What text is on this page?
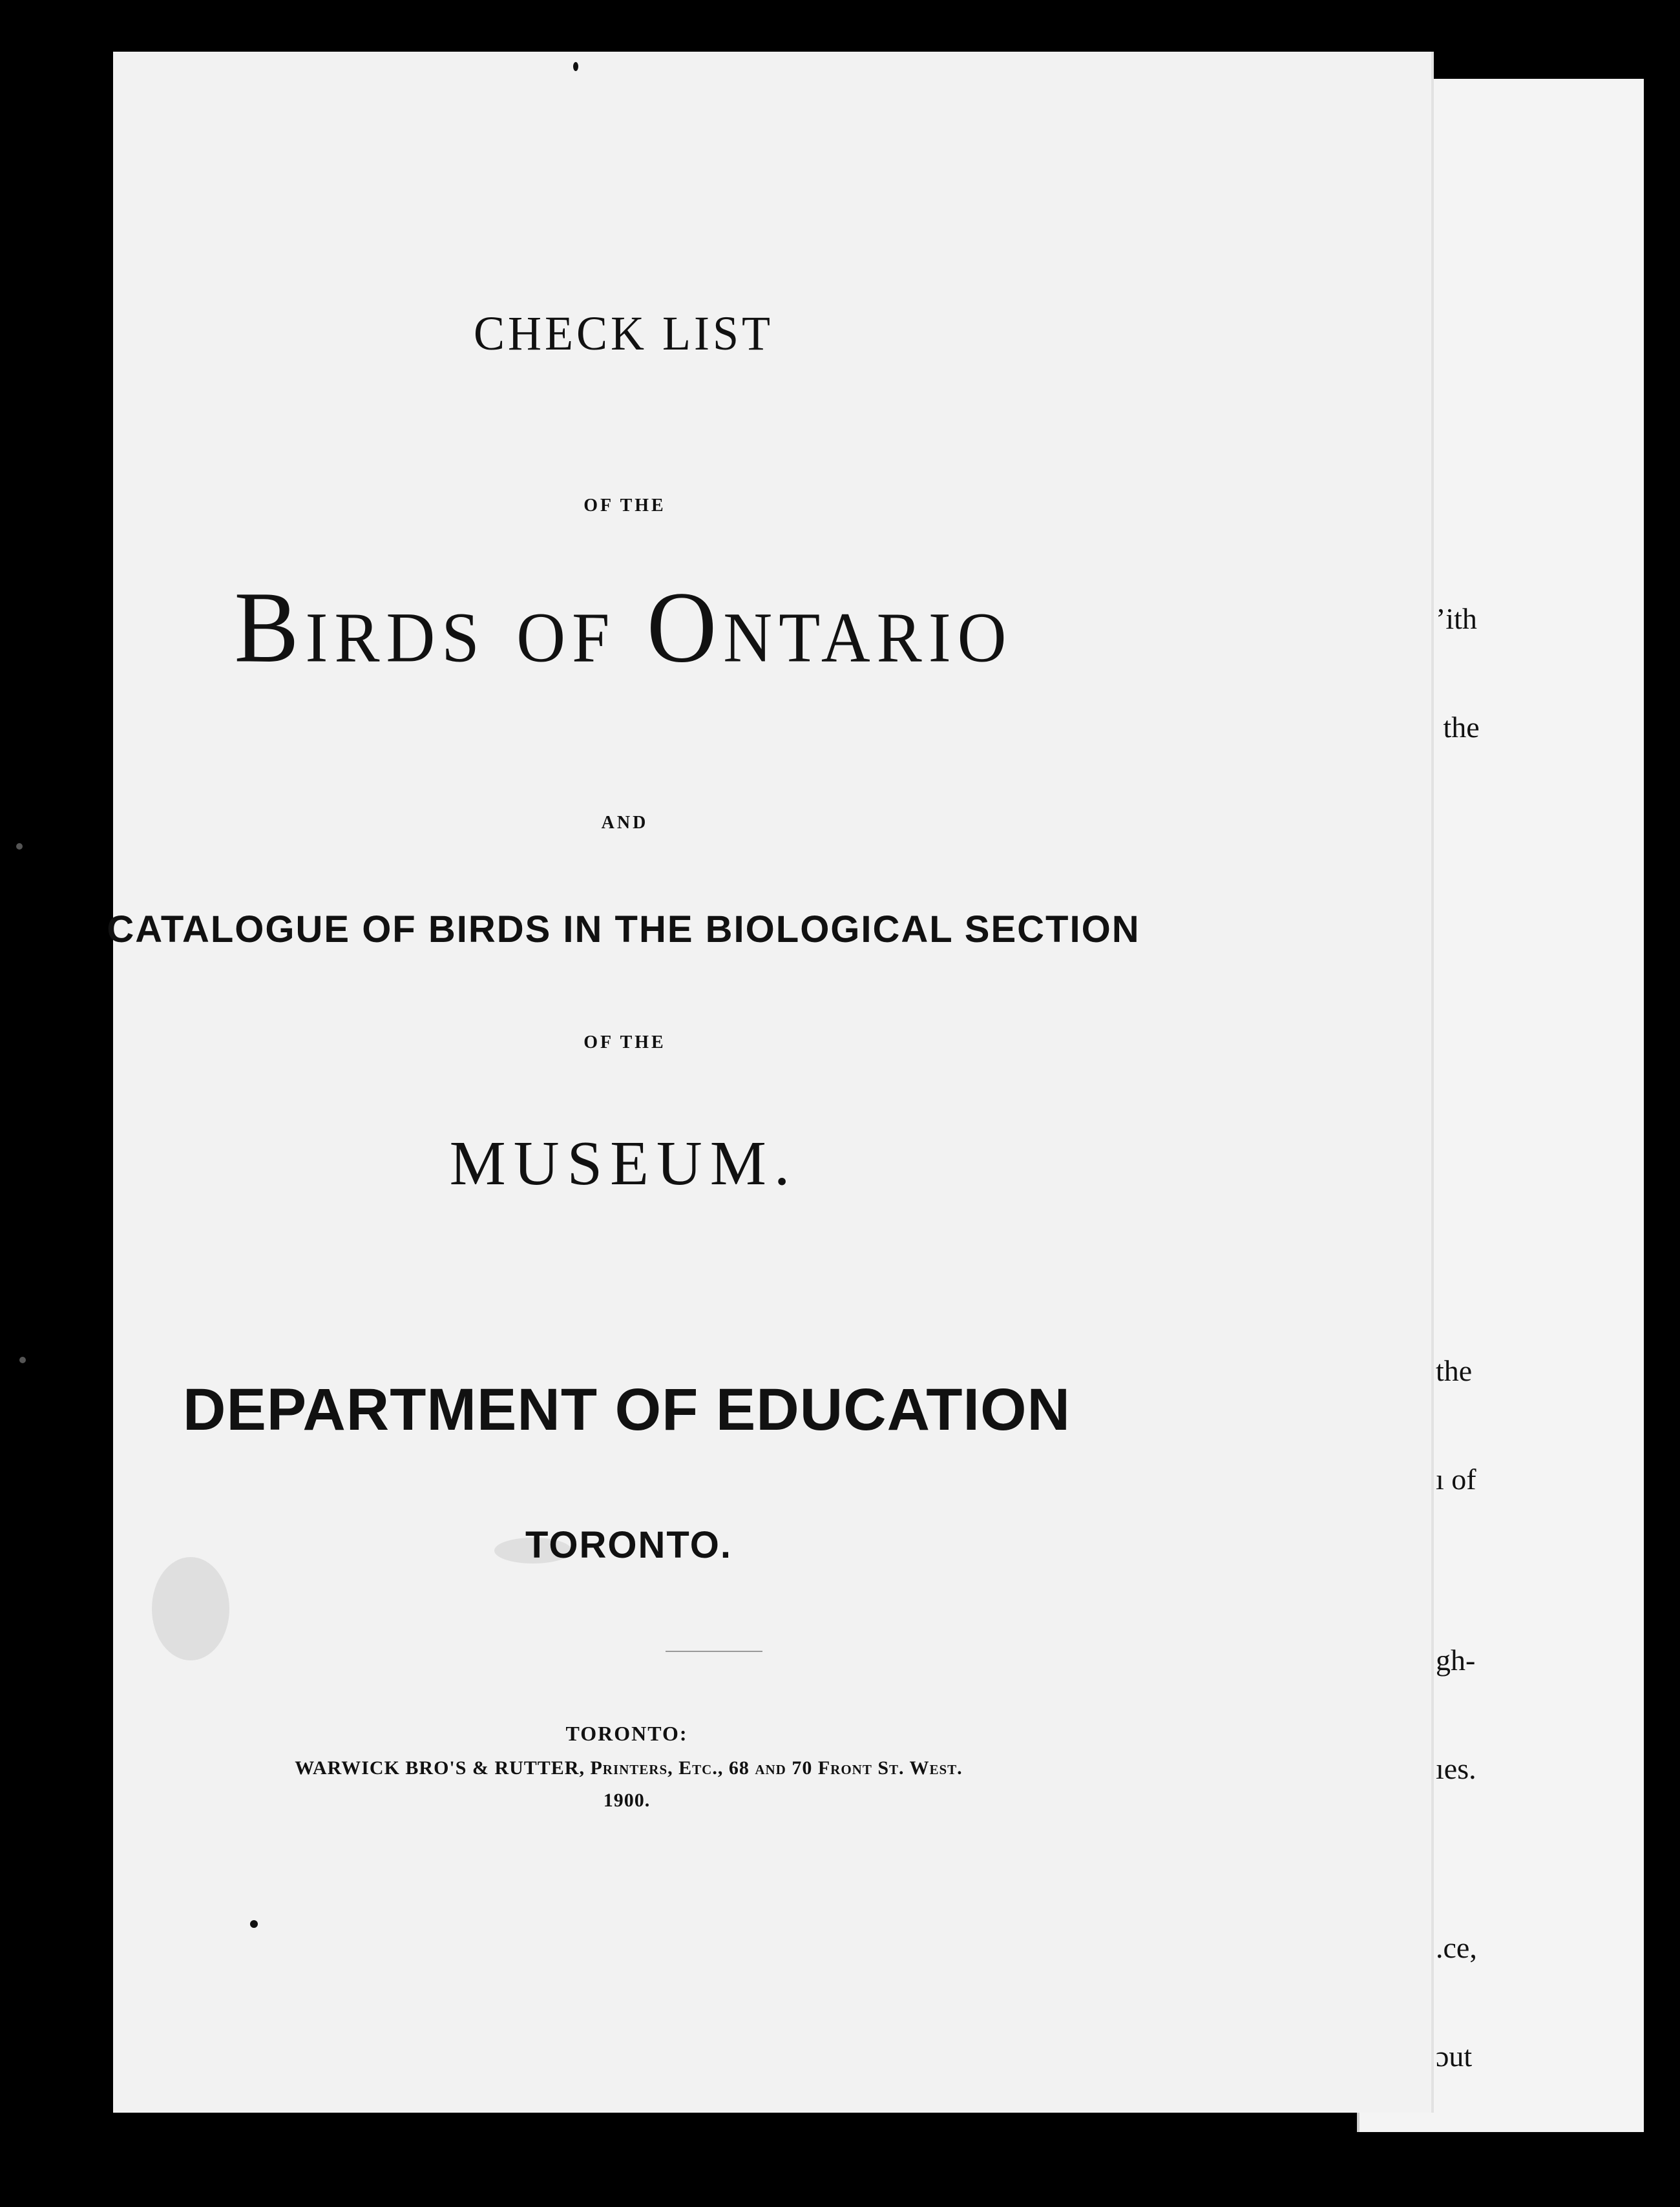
’ith

the

the

ı of

gh-

ıes.

.ce,

ɔut

CHECK LIST
OF THE
Birds of Ontario
AND
CATALOGUE OF BIRDS IN THE BIOLOGICAL SECTION
OF THE
MUSEUM.
DEPARTMENT OF EDUCATION
TORONTO.
TORONTO:
WARWICK BRO'S & RUTTER, Printers, Etc., 68 and 70 Front St. West.
1900.
